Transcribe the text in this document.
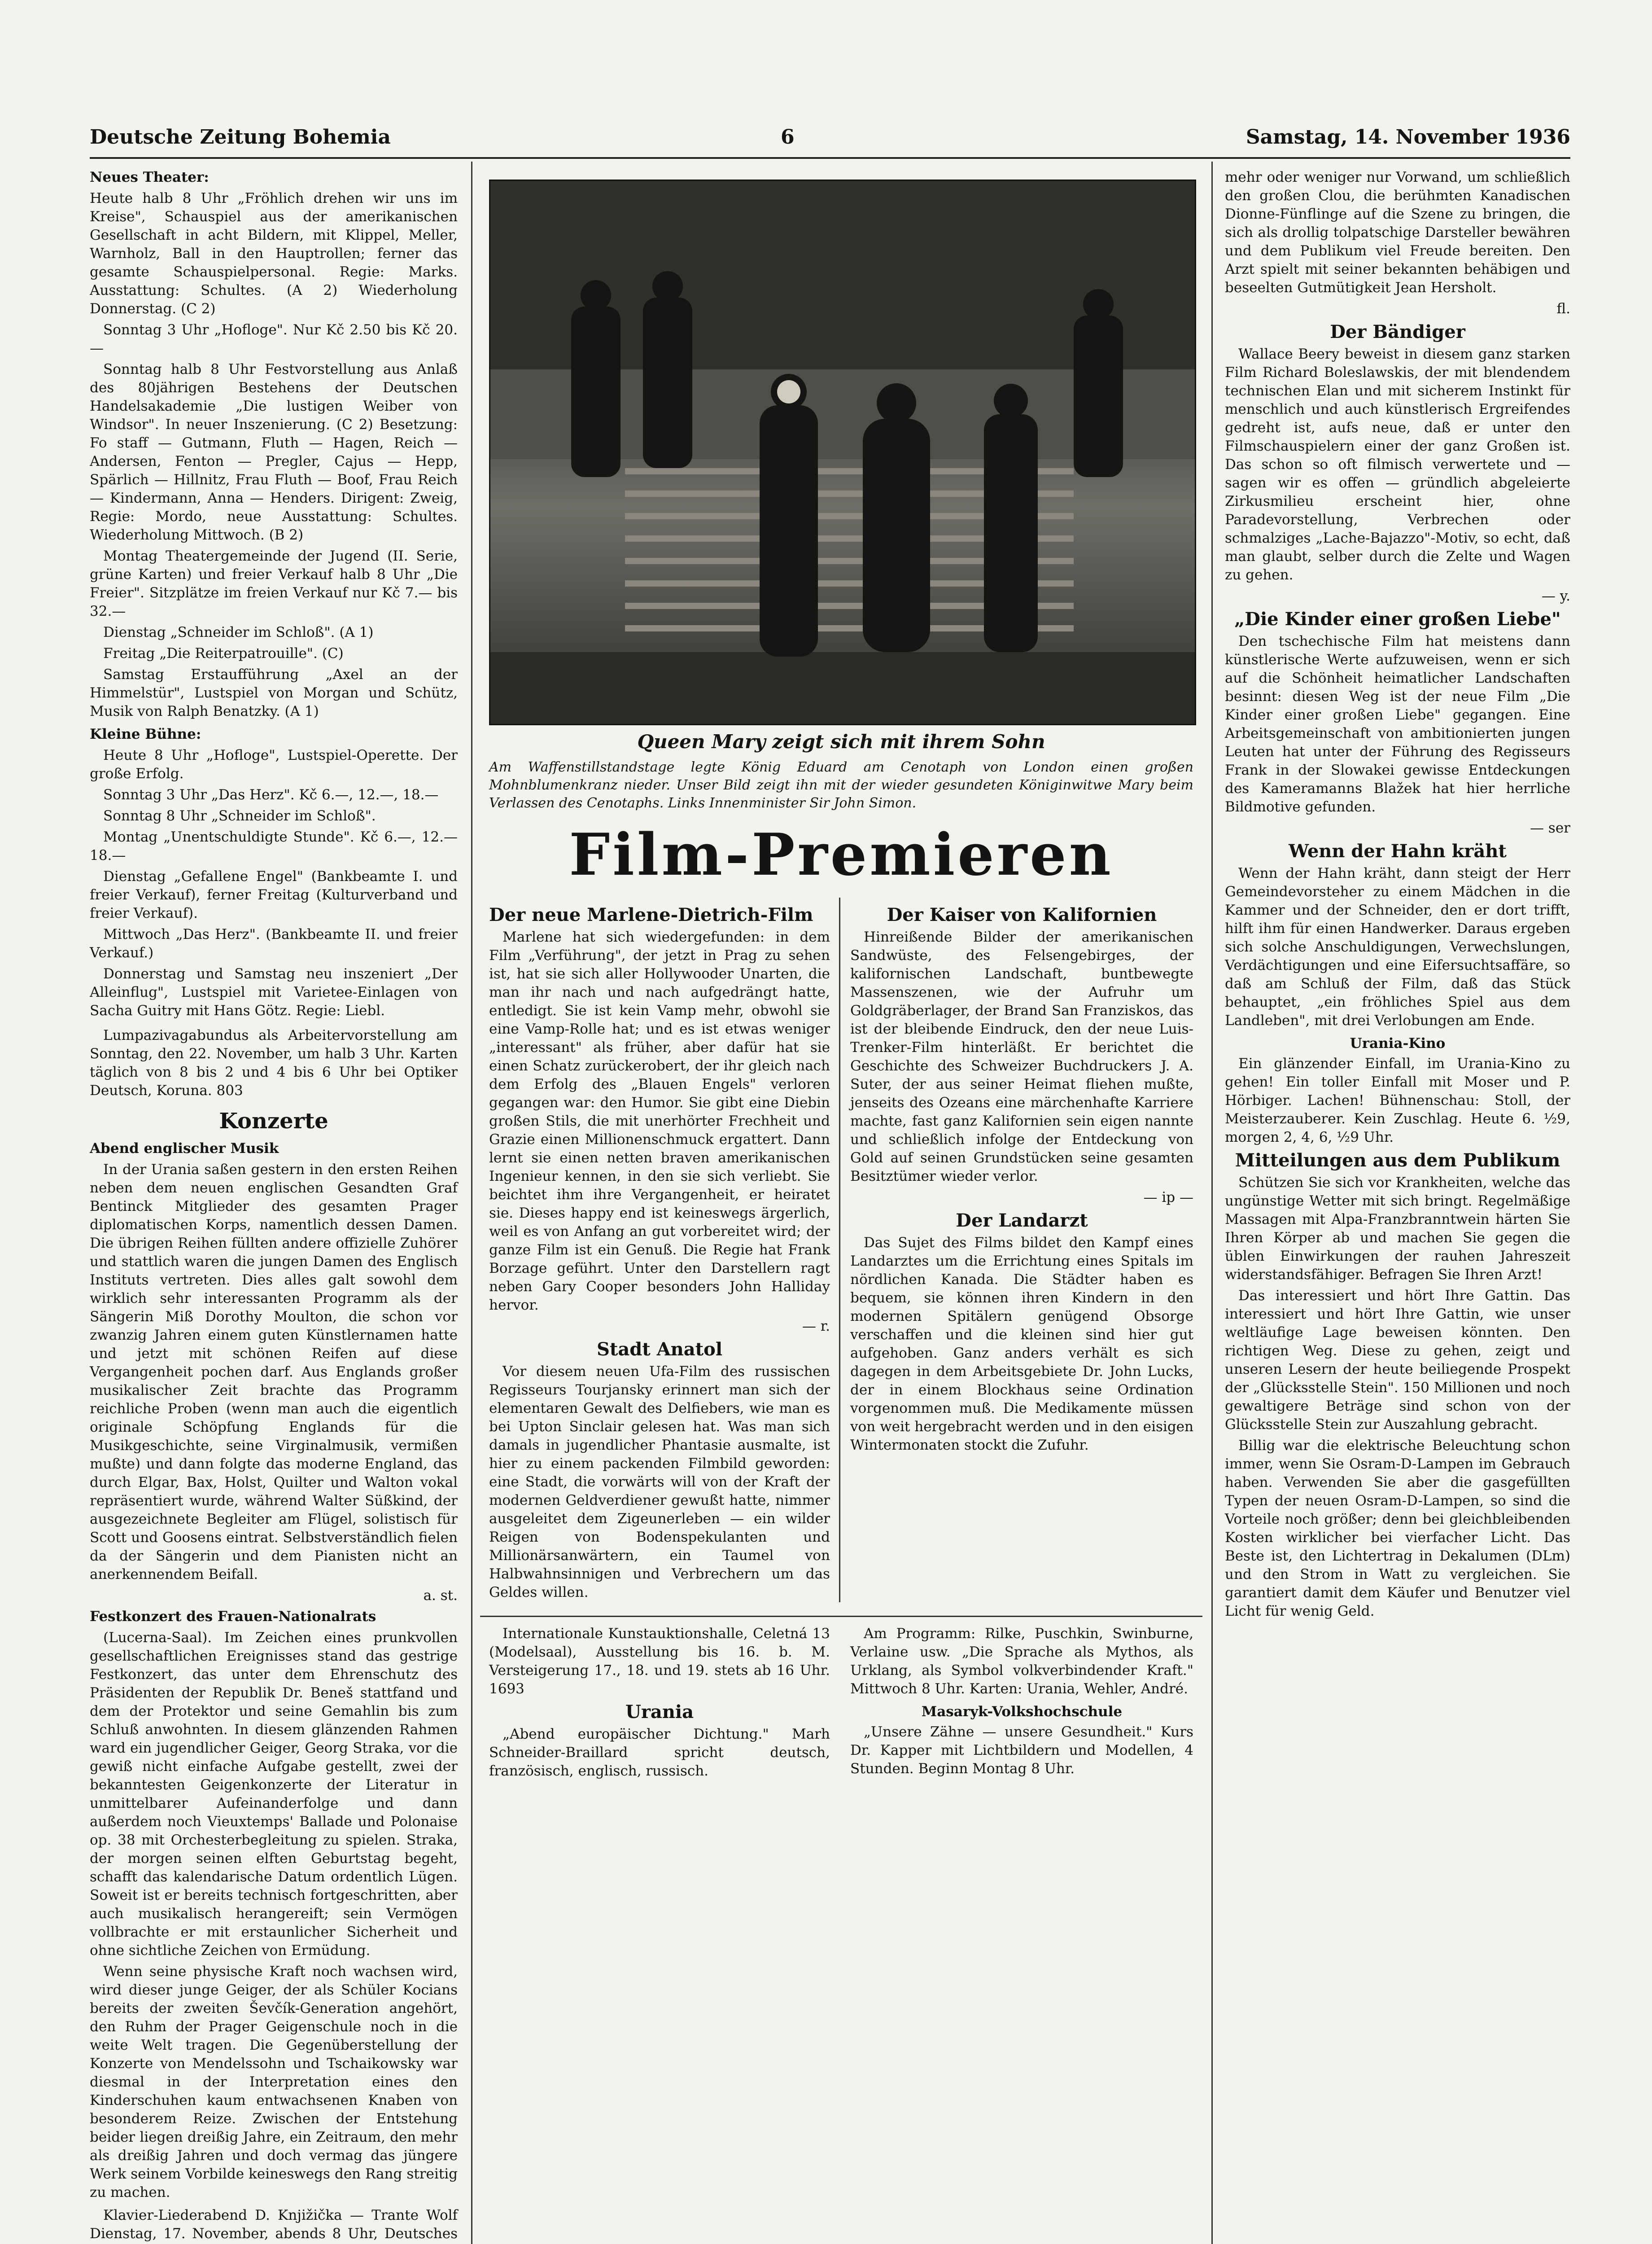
Deutsche Zeitung Bohemia	6	Samstag, 14. November 1936

Neues Theater:

Heute halb 8 Uhr „Fröhlich drehen wir uns im Kreise", Schauspiel aus der amerikanischen Gesellschaft in acht Bildern, mit Klippel, Meller, Warnholz, Ball in den Hauptrollen; ferner das gesamte Schauspielpersonal. Regie: Marks. Ausstattung: Schultes. (A 2) Wiederholung Donnerstag. (C 2)

Sonntag 3 Uhr „Hofloge". Nur Kč 2.50 bis Kč 20.—

Sonntag halb 8 Uhr Festvorstellung aus Anlaß des 80jährigen Bestehens der Deutschen Handelsakademie „Die lustigen Weiber von Windsor". In neuer Inszenierung. (C 2) Besetzung: Fo staff — Gutmann, Fluth — Hagen, Reich — Andersen, Fenton — Pregler, Cajus — Hepp, Spärlich — Hillnitz, Frau Fluth — Boof, Frau Reich — Kindermann, Anna — Henders. Dirigent: Zweig, Regie: Mordo, neue Ausstattung: Schultes. Wiederholung Mittwoch. (B 2)

Montag Theatergemeinde der Jugend (II. Serie, grüne Karten) und freier Verkauf halb 8 Uhr „Die Freier". Sitzplätze im freien Verkauf nur Kč 7.— bis 32.—

Dienstag „Schneider im Schloß". (A 1)

Freitag „Die Reiterpatrouille". (C)

Samstag Erstaufführung „Axel an der Himmelstür", Lustspiel von Morgan und Schütz, Musik von Ralph Benatzky. (A 1)

Kleine Bühne:

Heute 8 Uhr „Hofloge", Lustspiel-Operette. Der große Erfolg.

Sonntag 3 Uhr „Das Herz". Kč 6.—, 12.—, 18.—

Sonntag 8 Uhr „Schneider im Schloß".

Montag „Unentschuldigte Stunde". Kč 6.—, 12.— 18.—

Dienstag „Gefallene Engel" (Bankbeamte I. und freier Verkauf), ferner Freitag (Kulturverband und freier Verkauf).

Mittwoch „Das Herz". (Bankbeamte II. und freier Verkauf.)

Donnerstag und Samstag neu inszeniert „Der Alleinflug", Lustspiel mit Varietee-Einlagen von Sacha Guitry mit Hans Götz. Regie: Liebl.

Lumpazivagabundus als Arbeitervorstellung am Sonntag, den 22. November, um halb 3 Uhr. Karten täglich von 8 bis 2 und 4 bis 6 Uhr bei Optiker Deutsch, Koruna. 803

Konzerte

Abend englischer Musik

In der Urania saßen gestern in den ersten Reihen neben dem neuen englischen Gesandten Graf Bentinck Mitglieder des gesamten Prager diplomatischen Korps, namentlich dessen Damen. Die übrigen Reihen füllten andere offizielle Zuhörer und stattlich waren die jungen Damen des Englisch Instituts vertreten. Dies alles galt sowohl dem wirklich sehr interessanten Programm als der Sängerin Miß Dorothy Moulton, die schon vor zwanzig Jahren einem guten Künstlernamen hatte und jetzt mit schönen Reifen auf diese Vergangenheit pochen darf. Aus Englands großer musikalischer Zeit brachte das Programm reichliche Proben (wenn man auch die eigentlich originale Schöpfung Englands für die Musikgeschichte, seine Virginalmusik, vermißen mußte) und dann folgte das moderne England, das durch Elgar, Bax, Holst, Quilter und Walton vokal repräsentiert wurde, während Walter Süßkind, der ausgezeichnete Begleiter am Flügel, solistisch für Scott und Goosens eintrat. Selbstverständlich fielen da der Sängerin und dem Pianisten nicht an anerkennendem Beifall.

a. st.

Festkonzert des Frauen-Nationalrats

(Lucerna-Saal). Im Zeichen eines prunkvollen gesellschaftlichen Ereignisses stand das gestrige Festkonzert, das unter dem Ehrenschutz des Präsidenten der Republik Dr. Beneš stattfand und dem der Protektor und seine Gemahlin bis zum Schluß anwohnten. In diesem glänzenden Rahmen ward ein jugendlicher Geiger, Georg Straka, vor die gewiß nicht einfache Aufgabe gestellt, zwei der bekanntesten Geigenkonzerte der Literatur in unmittelbarer Aufeinanderfolge und dann außerdem noch Vieuxtemps' Ballade und Polonaise op. 38 mit Orchesterbegleitung zu spielen. Straka, der morgen seinen elften Geburtstag begeht, schafft das kalendarische Datum ordentlich Lügen. Soweit ist er bereits technisch fortgeschritten, aber auch musikalisch herangereift; sein Vermögen vollbrachte er mit erstaunlicher Sicherheit und ohne sichtliche Zeichen von Ermüdung.

Wenn seine physische Kraft noch wachsen wird, wird dieser junge Geiger, der als Schüler Kocians bereits der zweiten Ševčík-Generation angehört, den Ruhm der Prager Geigenschule noch in die weite Welt tragen. Die Gegenüberstellung der Konzerte von Mendelssohn und Tschaikowsky war diesmal in der Interpretation eines den Kinderschuhen kaum entwachsenen Knaben von besonderem Reize. Zwischen der Entstehung beider liegen dreißig Jahre, ein Zeitraum, den mehr als dreißig Jahren und doch vermag das jüngere Werk seinem Vorbilde keineswegs den Rang streitig zu machen.

Klavier-Liederabend D. Knjižička — Trante Wolf Dienstag, 17. November, abends 8 Uhr, Deutsches

Queen Mary zeigt sich mit ihrem Sohn
Am Waffenstillstandstage legte König Eduard am Cenotaph von London einen großen Mohnblumenkranz nieder. Unser Bild zeigt ihn mit der wieder gesundeten Königinwitwe Mary beim Verlassen des Cenotaphs. Links Innenminister Sir John Simon.
Film-Premieren
Der neue Marlene-Dietrich-Film

Marlene hat sich wiedergefunden: in dem Film „Verführung", der jetzt in Prag zu sehen ist, hat sie sich aller Hollywooder Unarten, die man ihr nach und nach aufgedrängt hatte, entledigt. Sie ist kein Vamp mehr, obwohl sie eine Vamp-Rolle hat; und es ist etwas weniger „interessant" als früher, aber dafür hat sie einen Schatz zurückerobert, der ihr gleich nach dem Erfolg des „Blauen Engels" verloren gegangen war: den Humor. Sie gibt eine Diebin großen Stils, die mit unerhörter Frechheit und Grazie einen Millionenschmuck ergattert. Dann lernt sie einen netten braven amerikanischen Ingenieur kennen, in den sie sich verliebt. Sie beichtet ihm ihre Vergangenheit, er heiratet sie. Dieses happy end ist keineswegs ärgerlich, weil es von Anfang an gut vorbereitet wird; der ganze Film ist ein Genuß. Die Regie hat Frank Borzage geführt. Unter den Darstellern ragt neben Gary Cooper besonders John Halliday hervor.

— r.

Stadt Anatol

Vor diesem neuen Ufa-Film des russischen Regisseurs Tourjansky erinnert man sich der elementaren Gewalt des Delfiebers, wie man es bei Upton Sinclair gelesen hat. Was man sich damals in jugendlicher Phantasie ausmalte, ist hier zu einem packenden Filmbild geworden: eine Stadt, die vorwärts will von der Kraft der modernen Geldverdiener gewußt hatte, nimmer ausgeleitet dem Zigeunerleben — ein wilder Reigen von Bodenspekulanten und Millionärsanwärtern, ein Taumel von Halbwahnsinnigen und Verbrechern um das Geldes willen.

Der Kaiser von Kalifornien

Hinreißende Bilder der amerikanischen Sandwüste, des Felsengebirges, der kalifornischen Landschaft, buntbewegte Massenszenen, wie der Aufruhr um Goldgräberlager, der Brand San Franziskos, das ist der bleibende Eindruck, den der neue Luis-Trenker-Film hinterläßt. Er berichtet die Geschichte des Schweizer Buchdruckers J. A. Suter, der aus seiner Heimat fliehen mußte, jenseits des Ozeans eine märchenhafte Karriere machte, fast ganz Kalifornien sein eigen nannte und schließlich infolge der Entdeckung von Gold auf seinen Grundstücken seine gesamten Besitztümer wieder verlor.

— ip —

Der Landarzt

Das Sujet des Films bildet den Kampf eines Landarztes um die Errichtung eines Spitals im nördlichen Kanada. Die Städter haben es bequem, sie können ihren Kindern in den modernen Spitälern genügend Obsorge verschaffen und die kleinen sind hier gut aufgehoben. Ganz anders verhält es sich dagegen in dem Arbeitsgebiete Dr. John Lucks, der in einem Blockhaus seine Ordination vorgenommen muß. Die Medikamente müssen von weit hergebracht werden und in den eisigen Wintermonaten stockt die Zufuhr.

Internationale Kunstauktionshalle, Celetná 13 (Modelsaal), Ausstellung bis 16. b. M. Versteigerung 17., 18. und 19. stets ab 16 Uhr. 1693

Urania

„Abend europäischer Dichtung." Marh Schneider-Braillard spricht deutsch, französisch, englisch, russisch.

Am Programm: Rilke, Puschkin, Swinburne, Verlaine usw. „Die Sprache als Mythos, als Urklang, als Symbol volkverbindender Kraft." Mittwoch 8 Uhr. Karten: Urania, Wehler, André.

Masaryk-Volkshochschule

„Unsere Zähne — unsere Gesundheit." Kurs Dr. Kapper mit Lichtbildern und Modellen, 4 Stunden. Beginn Montag 8 Uhr.

mehr oder weniger nur Vorwand, um schließlich den großen Clou, die berühmten Kanadischen Dionne-Fünflinge auf die Szene zu bringen, die sich als drollig tolpatschige Darsteller bewähren und dem Publikum viel Freude bereiten. Den Arzt spielt mit seiner bekannten behäbigen und beseelten Gutmütigkeit Jean Hersholt.

fl.

Der Bändiger

Wallace Beery beweist in diesem ganz starken Film Richard Boleslawskis, der mit blendendem technischen Elan und mit sicherem Instinkt für menschlich und auch künstlerisch Ergreifendes gedreht ist, aufs neue, daß er unter den Filmschauspielern einer der ganz Großen ist. Das schon so oft filmisch verwertete und — sagen wir es offen — gründlich abgeleierte Zirkusmilieu erscheint hier, ohne Paradevorstellung, Verbrechen oder schmalziges „Lache-Bajazzo"-Motiv, so echt, daß man glaubt, selber durch die Zelte und Wagen zu gehen.

— y.

„Die Kinder einer großen Liebe"

Den tschechische Film hat meistens dann künstlerische Werte aufzuweisen, wenn er sich auf die Schönheit heimatlicher Landschaften besinnt: diesen Weg ist der neue Film „Die Kinder einer großen Liebe" gegangen. Eine Arbeitsgemeinschaft von ambitionierten jungen Leuten hat unter der Führung des Regisseurs Frank in der Slowakei gewisse Entdeckungen des Kameramanns Blažek hat hier herrliche Bildmotive gefunden.

— ser

Wenn der Hahn kräht

Wenn der Hahn kräht, dann steigt der Herr Gemeindevorsteher zu einem Mädchen in die Kammer und der Schneider, den er dort trifft, hilft ihm für einen Handwerker. Daraus ergeben sich solche Anschuldigungen, Verwechslungen, Verdächtigungen und eine Eifersuchtsaffäre, so daß am Schluß der Film, daß das Stück behauptet, „ein fröhliches Spiel aus dem Landleben", mit drei Verlobungen am Ende.

Urania-Kino

Ein glänzender Einfall, im Urania-Kino zu gehen! Ein toller Einfall mit Moser und P. Hörbiger. Lachen! Bühnenschau: Stoll, der Meisterzauberer. Kein Zuschlag. Heute 6. ½9, morgen 2, 4, 6, ½9 Uhr.

Mitteilungen aus dem Publikum

Schützen Sie sich vor Krankheiten, welche das ungünstige Wetter mit sich bringt. Regelmäßige Massagen mit Alpa-Franzbranntwein härten Sie Ihren Körper ab und machen Sie gegen die üblen Einwirkungen der rauhen Jahreszeit widerstandsfähiger. Befragen Sie Ihren Arzt!

Das interessiert und hört Ihre Gattin. Das interessiert und hört Ihre Gattin, wie unser weltläufige Lage beweisen könnten. Den richtigen Weg. Diese zu gehen, zeigt und unseren Lesern der heute beiliegende Prospekt der „Glücksstelle Stein". 150 Millionen und noch gewaltigere Beträge sind schon von der Glücksstelle Stein zur Auszahlung gebracht.

Billig war die elektrische Beleuchtung schon immer, wenn Sie Osram-D-Lampen im Gebrauch haben. Verwenden Sie aber die gasgefüllten Typen der neuen Osram-D-Lampen, so sind die Vorteile noch größer; denn bei gleichbleibenden Kosten wirklicher bei vierfacher Licht. Das Beste ist, den Lichtertrag in Dekalumen (DLm) und den Strom in Watt zu vergleichen. Sie garantiert damit dem Käufer und Benutzer viel Licht für wenig Geld.
